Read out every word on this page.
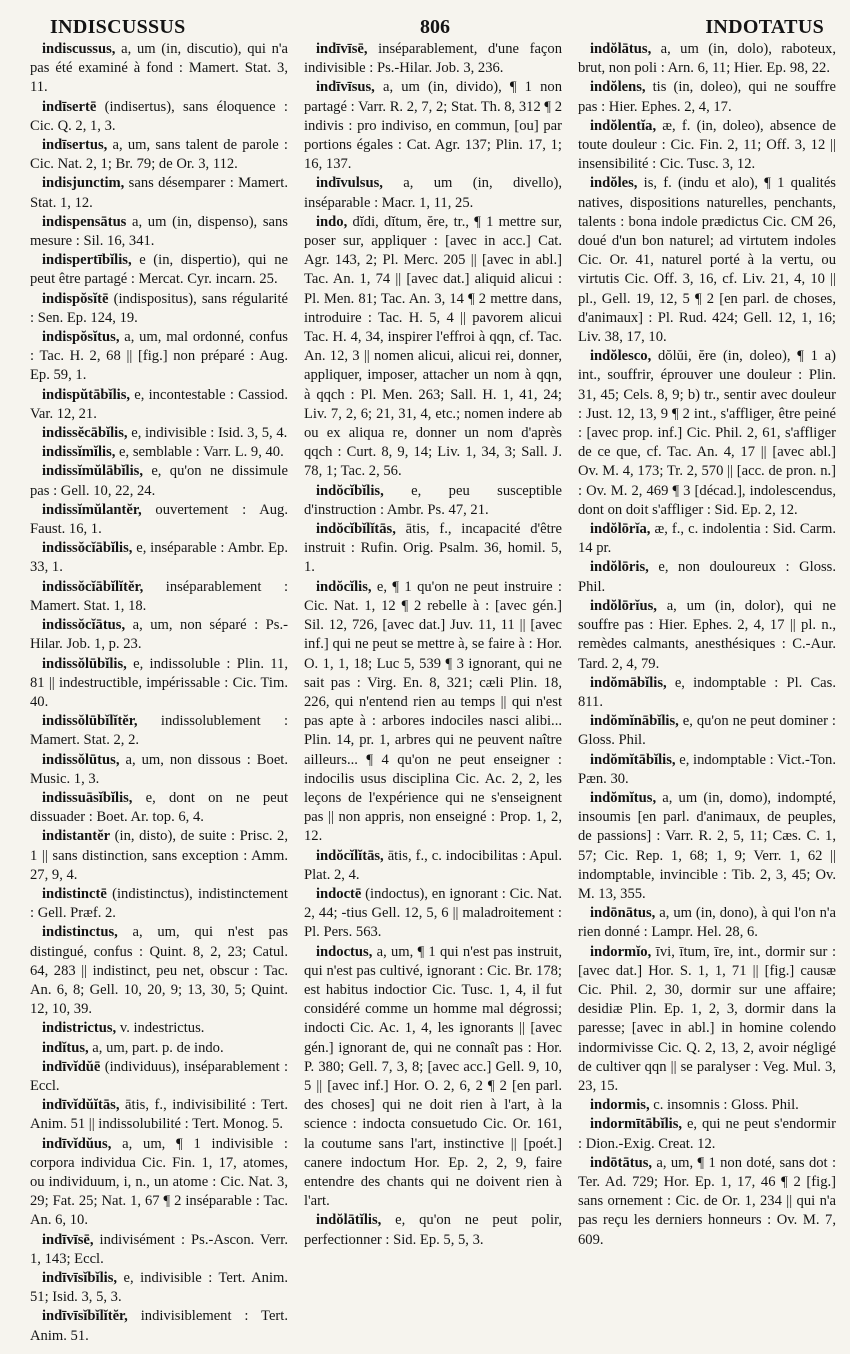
INDISCUSSUS	806	INDOTATUS

indiscussus, a, um (in, discutio), qui n'a pas été examiné à fond : Mamert. Stat. 3, 11.

indīsertē (indisertus), sans éloquence : Cic. Q. 2, 1, 3.

indīsertus, a, um, sans talent de parole : Cic. Nat. 2, 1; Br. 79; de Or. 3, 112.

indisjunctim, sans désemparer : Mamert. Stat. 1, 12.

indispensātus a, um (in, dispenso), sans mesure : Sil. 16, 341.

indispertībĭlis, e (in, dispertio), qui ne peut être partagé : Mercat. Cyr. incarn. 25.

indispŏsĭtē (indispositus), sans régularité : Sen. Ep. 124, 19.

indispŏsĭtus, a, um, mal ordonné, confus : Tac. H. 2, 68 || [fig.] non préparé : Aug. Ep. 59, 1.

indispŭtābĭlis, e, incontestable : Cassiod. Var. 12, 21.

indissĕcābĭlis, e, indivisible : Isid. 3, 5, 4.

indissĭmĭlis, e, semblable : Varr. L. 9, 40.

indissĭmŭlābĭlis, e, qu'on ne dissimule pas : Gell. 10, 22, 24.

indissĭmŭlantĕr, ouvertement : Aug. Faust. 16, 1.

indissŏcĭābĭlis, e, inséparable : Ambr. Ep. 33, 1.

indissŏcĭābĭlĭtĕr, inséparablement : Mamert. Stat. 1, 18.

indissŏcĭātus, a, um, non séparé : Ps.-Hilar. Job. 1, p. 23.

indissŏlūbĭlis, e, indissoluble : Plin. 11, 81 || indestructible, impérissable : Cic. Tim. 40.

indissŏlūbĭlĭtĕr, indissolublement : Mamert. Stat. 2, 2.

indissŏlūtus, a, um, non dissous : Boet. Music. 1, 3.

indissuāsĭbĭlis, e, dont on ne peut dissuader : Boet. Ar. top. 6, 4.

indistantĕr (in, disto), de suite : Prisc. 2, 1 || sans distinction, sans exception : Amm. 27, 9, 4.

indistinctē (indistinctus), indistinctement : Gell. Præf. 2.

indistinctus, a, um, qui n'est pas distingué, confus : Quint. 8, 2, 23; Catul. 64, 283 || indistinct, peu net, obscur : Tac. An. 6, 8; Gell. 10, 20, 9; 13, 30, 5; Quint. 12, 10, 39.

indistrictus, v. indestrictus.

indĭtus, a, um, part. p. de indo.

indīvĭdŭē (individuus), inséparablement : Eccl.

indīvĭdŭĭtās, ātis, f., indivisibilité : Tert. Anim. 51 || indissolubilité : Tert. Monog. 5.

indīvĭdŭus, a, um, ¶ 1 indivisible : corpora individua Cic. Fin. 1, 17, atomes, ou individuum, i, n., un atome : Cic. Nat. 3, 29; Fat. 25; Nat. 1, 67 ¶ 2 inséparable : Tac. An. 6, 10.

indīvīsē, indivisément : Ps.-Ascon. Verr. 1, 143; Eccl.

indīvīsĭbĭlis, e, indivisible : Tert. Anim. 51; Isid. 3, 5, 3.

indīvīsĭbĭlĭtĕr, indivisiblement : Tert. Anim. 51.

indīvīsē, inséparablement, d'une façon indivisible : Ps.-Hilar. Job. 3, 236.

indīvīsus, a, um (in, divido), ¶ 1 non partagé : Varr. R. 2, 7, 2; Stat. Th. 8, 312 ¶ 2 indivis : pro indiviso, en commun, [ou] par portions égales : Cat. Agr. 137; Plin. 17, 1; 16, 137.

indīvulsus, a, um (in, divello), inséparable : Macr. 1, 11, 25.

indo, dĭdi, dĭtum, ĕre, tr., ¶ 1 mettre sur, poser sur, appliquer : [avec in acc.] Cat. Agr. 143, 2; Pl. Merc. 205 || [avec in abl.] Tac. An. 1, 74 || [avec dat.] aliquid alicui : Pl. Men. 81; Tac. An. 3, 14 ¶ 2 mettre dans, introduire : Tac. H. 5, 4 || pavorem alicui Tac. H. 4, 34, inspirer l'effroi à qqn, cf. Tac. An. 12, 3 || nomen alicui, alicui rei, donner, appliquer, imposer, attacher un nom à qqn, à qqch : Pl. Men. 263; Sall. H. 1, 41, 24; Liv. 7, 2, 6; 21, 31, 4, etc.; nomen indere ab ou ex aliqua re, donner un nom d'après qqch : Curt. 8, 9, 14; Liv. 1, 34, 3; Sall. J. 78, 1; Tac. 2, 56.

indŏcĭbĭlis, e, peu susceptible d'instruction : Ambr. Ps. 47, 21.

indŏcĭbĭlĭtās, ātis, f., incapacité d'être instruit : Rufin. Orig. Psalm. 36, homil. 5, 1.

indŏcĭlis, e, ¶ 1 qu'on ne peut instruire : Cic. Nat. 1, 12 ¶ 2 rebelle à : [avec gén.] Sil. 12, 726, [avec dat.] Juv. 11, 11 || [avec inf.] qui ne peut se mettre à, se faire à : Hor. O. 1, 1, 18; Luc 5, 539 ¶ 3 ignorant, qui ne sait pas : Virg. En. 8, 321; cæli Plin. 18, 226, qui n'entend rien au temps || qui n'est pas apte à : arbores indociles nasci alibi... Plin. 14, pr. 1, arbres qui ne peuvent naître ailleurs... ¶ 4 qu'on ne peut enseigner : indocilis usus disciplina Cic. Ac. 2, 2, les leçons de l'expérience qui ne s'enseignent pas || non appris, non enseigné : Prop. 1, 2, 12.

indŏcĭlĭtās, ātis, f., c. indocibilitas : Apul. Plat. 2, 4.

indoctē (indoctus), en ignorant : Cic. Nat. 2, 44; -tius Gell. 12, 5, 6 || maladroitement : Pl. Pers. 563.

indoctus, a, um, ¶ 1 qui n'est pas instruit, qui n'est pas cultivé, ignorant : Cic. Br. 178; est habitus indoctior Cic. Tusc. 1, 4, il fut considéré comme un homme mal dégrossi; indocti Cic. Ac. 1, 4, les ignorants || [avec gén.] ignorant de, qui ne connaît pas : Hor. P. 380; Gell. 7, 3, 8; [avec acc.] Gell. 9, 10, 5 || [avec inf.] Hor. O. 2, 6, 2 ¶ 2 [en parl. des choses] qui ne doit rien à l'art, à la science : indocta consuetudo Cic. Or. 161, la coutume sans l'art, instinctive || [poét.] canere indoctum Hor. Ep. 2, 2, 9, faire entendre des chants qui ne doivent rien à l'art.

indŏlātĭlis, e, qu'on ne peut polir, perfectionner : Sid. Ep. 5, 5, 3.

indŏlātus, a, um (in, dolo), raboteux, brut, non poli : Arn. 6, 11; Hier. Ep. 98, 22.

indŏlens, tis (in, doleo), qui ne souffre pas : Hier. Ephes. 2, 4, 17.

indŏlentĭa, æ, f. (in, doleo), absence de toute douleur : Cic. Fin. 2, 11; Off. 3, 12 || insensibilité : Cic. Tusc. 3, 12.

indŏles, is, f. (indu et alo), ¶ 1 qualités natives, dispositions naturelles, penchants, talents : bona indole prædictus Cic. CM 26, doué d'un bon naturel; ad virtutem indoles Cic. Or. 41, naturel porté à la vertu, ou virtutis Cic. Off. 3, 16, cf. Liv. 21, 4, 10 || pl., Gell. 19, 12, 5 ¶ 2 [en parl. de choses, d'animaux] : Pl. Rud. 424; Gell. 12, 1, 16; Liv. 38, 17, 10.

indŏlesco, dŏlŭi, ĕre (in, doleo), ¶ 1 a) int., souffrir, éprouver une douleur : Plin. 31, 45; Cels. 8, 9; b) tr., sentir avec douleur : Just. 12, 13, 9 ¶ 2 int., s'affliger, être peiné : [avec prop. inf.] Cic. Phil. 2, 61, s'affliger de ce que, cf. Tac. An. 4, 17 || [avec abl.] Ov. M. 4, 173; Tr. 2, 570 || [acc. de pron. n.] : Ov. M. 2, 469 ¶ 3 [décad.], indolescendus, dont on doit s'affliger : Sid. Ep. 2, 12.

indŏlōrĭa, æ, f., c. indolentia : Sid. Carm. 14 pr.

indŏlōris, e, non douloureux : Gloss. Phil.

indŏlōrĭus, a, um (in, dolor), qui ne souffre pas : Hier. Ephes. 2, 4, 17 || pl. n., remèdes calmants, anesthésiques : C.-Aur. Tard. 2, 4, 79.

indŏmābĭlis, e, indomptable : Pl. Cas. 811.

indŏmĭnābĭlis, e, qu'on ne peut dominer : Gloss. Phil.

indŏmĭtābĭlis, e, indomptable : Vict.-Ton. Pæn. 30.

indŏmĭtus, a, um (in, domo), indompté, insoumis [en parl. d'animaux, de peuples, de passions] : Varr. R. 2, 5, 11; Cæs. C. 1, 57; Cic. Rep. 1, 68; 1, 9; Verr. 1, 62 || indomptable, invincible : Tib. 2, 3, 45; Ov. M. 13, 355.

indōnātus, a, um (in, dono), à qui l'on n'a rien donné : Lampr. Hel. 28, 6.

indormĭo, īvi, ītum, īre, int., dormir sur : [avec dat.] Hor. S. 1, 1, 71 || [fig.] causæ Cic. Phil. 2, 30, dormir sur une affaire; desidiæ Plin. Ep. 1, 2, 3, dormir dans la paresse; [avec in abl.] in homine colendo indormivisse Cic. Q. 2, 13, 2, avoir négligé de cultiver qqn || se paralyser : Veg. Mul. 3, 23, 15.

indormis, c. insomnis : Gloss. Phil.

indormītābĭlis, e, qui ne peut s'endormir : Dion.-Exig. Creat. 12.

indōtātus, a, um, ¶ 1 non doté, sans dot : Ter. Ad. 729; Hor. Ep. 1, 17, 46 ¶ 2 [fig.] sans ornement : Cic. de Or. 1, 234 || qui n'a pas reçu les derniers honneurs : Ov. M. 7, 609.
